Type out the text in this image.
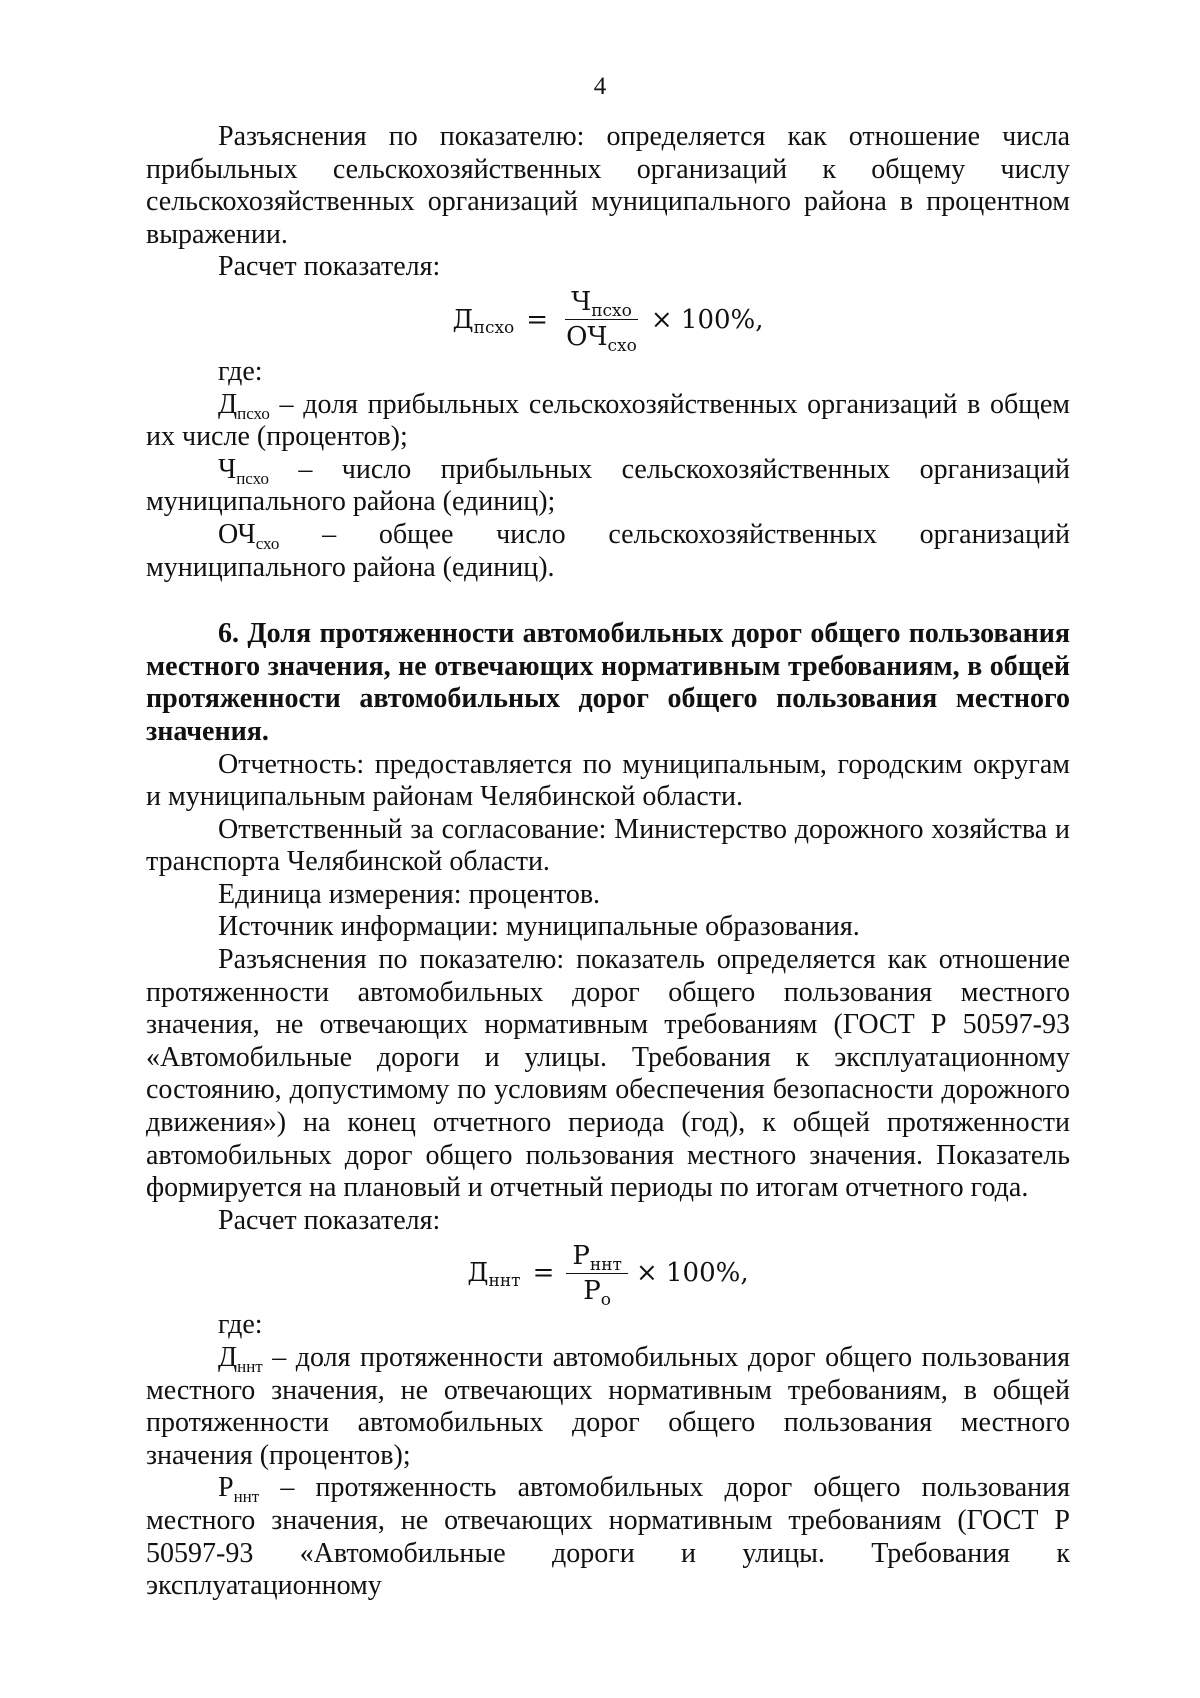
4

Разъяснения по показателю: определяется как отношение числа прибыльных сельскохозяйственных организаций к общему числу сельскохозяйственных организаций муниципального района в процентном выражении.

Расчет показателя:

$Д_{псхо} = \frac{Ч_{псхо}}{ОЧ_{схо}} \times 100\%$,

где:

$Д_{псхо}$ – доля прибыльных сельскохозяйственных организаций в общем их числе (процентов);

$Ч_{псхо}$ – число прибыльных сельскохозяйственных организаций муниципального района (единиц);

$ОЧ_{схо}$ – общее число сельскохозяйственных организаций муниципального района (единиц).

6. Доля протяженности автомобильных дорог общего пользования местного значения, не отвечающих нормативным требованиям, в общей протяженности автомобильных дорог общего пользования местного значения.

Отчетность: предоставляется по муниципальным, городским округам и муниципальным районам Челябинской области.

Ответственный за согласование: Министерство дорожного хозяйства и транспорта Челябинской области.

Единица измерения: процентов.

Источник информации: муниципальные образования.

Разъяснения по показателю: показатель определяется как отношение протяженности автомобильных дорог общего пользования местного значения, не отвечающих нормативным требованиям (ГОСТ Р 50597-93 «Автомобильные дороги и улицы. Требования к эксплуатационному состоянию, допустимому по условиям обеспечения безопасности дорожного движения») на конец отчетного периода (год), к общей протяженности автомобильных дорог общего пользования местного значения. Показатель формируется на плановый и отчетный периоды по итогам отчетного года.

Расчет показателя:

$Д_{ннт} = \frac{Р_{ннт}}{Р_о} \times 100\%$,

где:

$Д_{ннт}$ – доля протяженности автомобильных дорог общего пользования местного значения, не отвечающих нормативным требованиям, в общей протяженности автомобильных дорог общего пользования местного значения (процентов);

$Р_{ннт}$ – протяженность автомобильных дорог общего пользования местного значения, не отвечающих нормативным требованиям (ГОСТ Р 50597-93 «Автомобильные дороги и улицы. Требования к эксплуатационному
